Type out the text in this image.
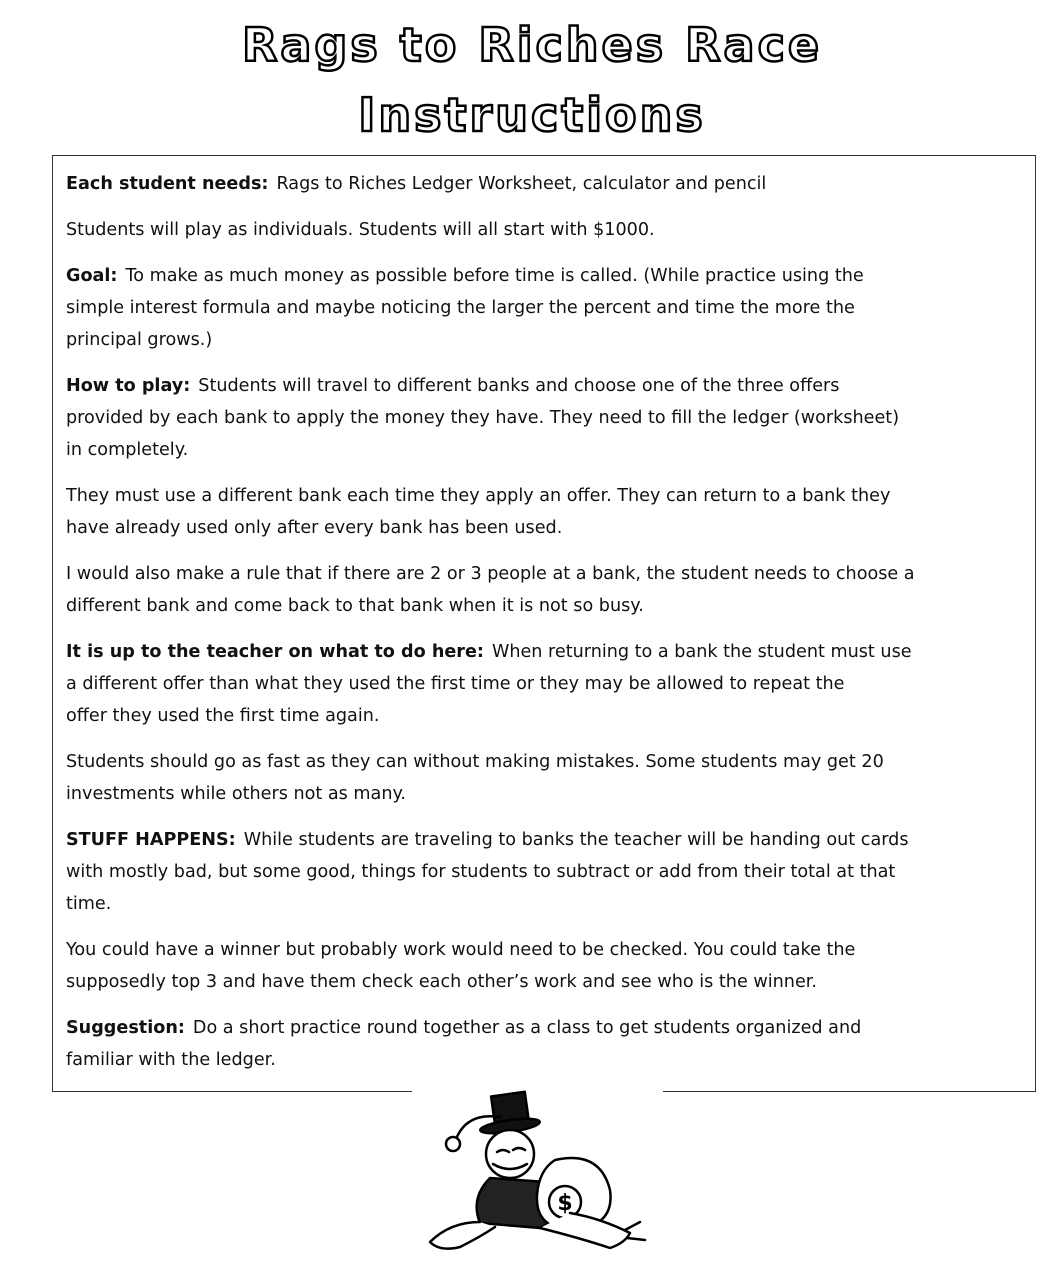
Rags to Riches Race
Instructions
Each student needs: Rags to Riches Ledger Worksheet, calculator and pencil
Students will play as individuals. Students will all start with $1000.
Goal: To make as much money as possible before time is called. (While practice using the
simple interest formula and maybe noticing the larger the percent and time the more the
principal grows.)
How to play: Students will travel to different banks and choose one of the three offers
provided by each bank to apply the money they have. They need to fill the ledger (worksheet)
in completely.
They must use a different bank each time they apply an offer. They can return to a bank they
have already used only after every bank has been used.
I would also make a rule that if there are 2 or 3 people at a bank, the student needs to choose a
different bank and come back to that bank when it is not so busy.
It is up to the teacher on what to do here: When returning to a bank the student must use
a different offer than what they used the first time or they may be allowed to repeat the
offer they used the first time again.
Students should go as fast as they can without making mistakes. Some students may get 20
investments while others not as many.
STUFF HAPPENS: While students are traveling to banks the teacher will be handing out cards
with mostly bad, but some good, things for students to subtract or add from their total at that
time.
You could have a winner but probably work would need to be checked. You could take the
supposedly top 3 and have them check each other’s work and see who is the winner.
Suggestion: Do a short practice round together as a class to get students organized and
familiar with the ledger.
$
